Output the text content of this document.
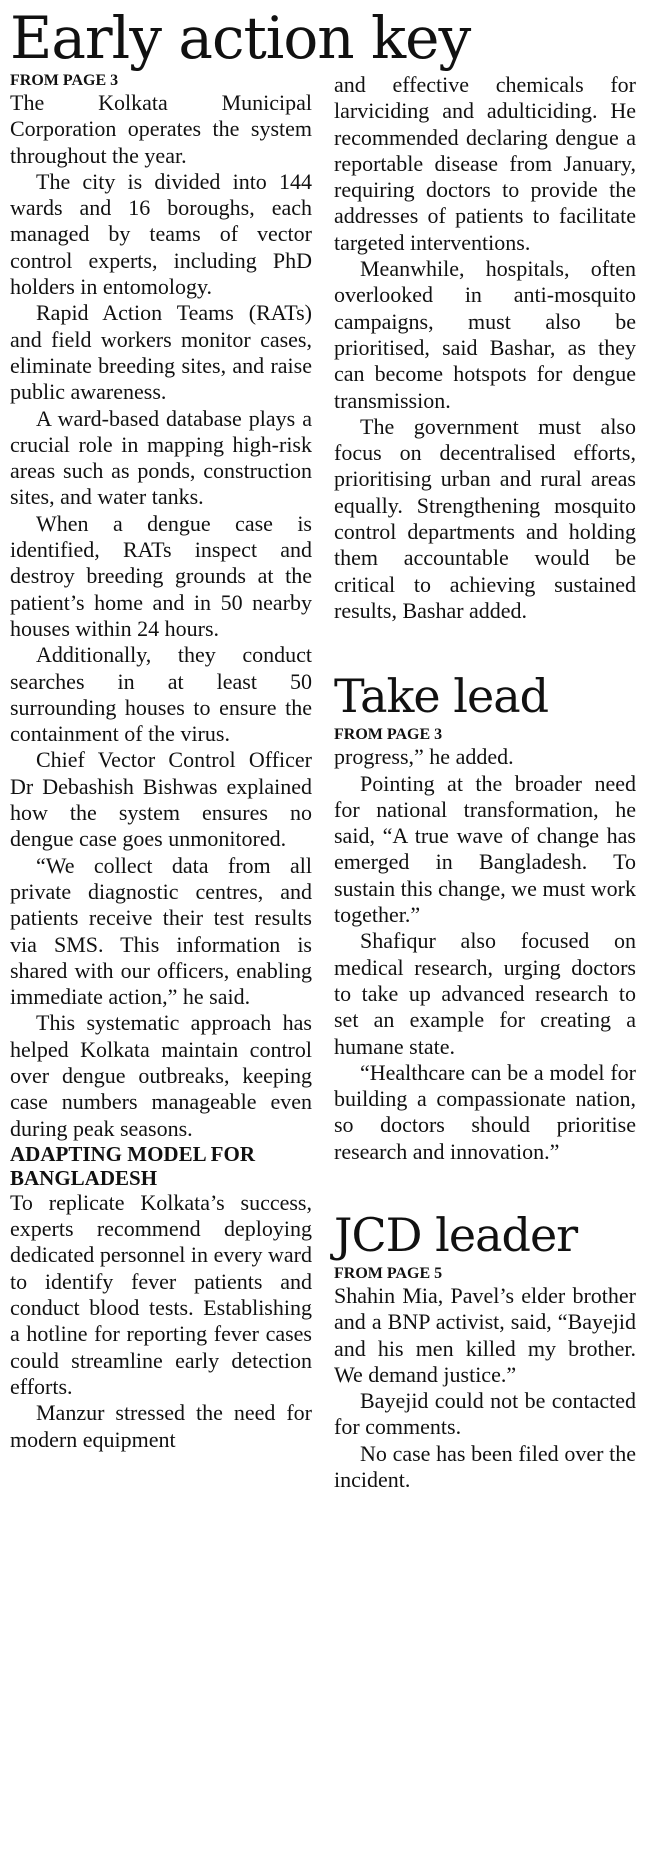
Early action key

FROM PAGE 3

The Kolkata Municipal Corporation operates the system throughout the year.

The city is divided into 144 wards and 16 boroughs, each managed by teams of vector control experts, including PhD holders in entomology.

Rapid Action Teams (RATs) and field workers monitor cases, eliminate breeding sites, and raise public awareness.

A ward-based database plays a crucial role in mapping high-risk areas such as ponds, construction sites, and water tanks.

When a dengue case is identified, RATs inspect and destroy breeding grounds at the patient’s home and in 50 nearby houses within 24 hours.

Additionally, they conduct searches in at least 50 surrounding houses to ensure the containment of the virus.

Chief Vector Control Officer Dr Debashish Bishwas explained how the system ensures no dengue case goes unmonitored.

“We collect data from all private diagnostic centres, and patients receive their test results via SMS. This information is shared with our officers, enabling immediate action,” he said.

This systematic approach has helped Kolkata maintain control over dengue outbreaks, keeping case numbers manageable even during peak seasons.

ADAPTING MODEL FOR BANGLADESH

To replicate Kolkata’s success, experts recommend deploying dedicated personnel in every ward to identify fever patients and conduct blood tests. Establishing a hotline for reporting fever cases could streamline early detection efforts.

Manzur stressed the need for modern equipment

and effective chemicals for larviciding and adulticiding. He recommended declaring dengue a reportable disease from January, requiring doctors to provide the addresses of patients to facilitate targeted interventions.

Meanwhile, hospitals, often overlooked in anti-mosquito campaigns, must also be prioritised, said Bashar, as they can become hotspots for dengue transmission.

The government must also focus on decentralised efforts, prioritising urban and rural areas equally. Strengthening mosquito control departments and holding them accountable would be critical to achieving sustained results, Bashar added.

Take lead

FROM PAGE 3

progress,” he added.

Pointing at the broader need for national transformation, he said, “A true wave of change has emerged in Bangladesh. To sustain this change, we must work together.”

Shafiqur also focused on medical research, urging doctors to take up advanced research to set an example for creating a humane state.

“Healthcare can be a model for building a compassionate nation, so doctors should prioritise research and innovation.”

JCD leader

FROM PAGE 5

Shahin Mia, Pavel’s elder brother and a BNP activist, said, “Bayejid and his men killed my brother. We demand justice.”

Bayejid could not be contacted for comments.

No case has been filed over the incident.
